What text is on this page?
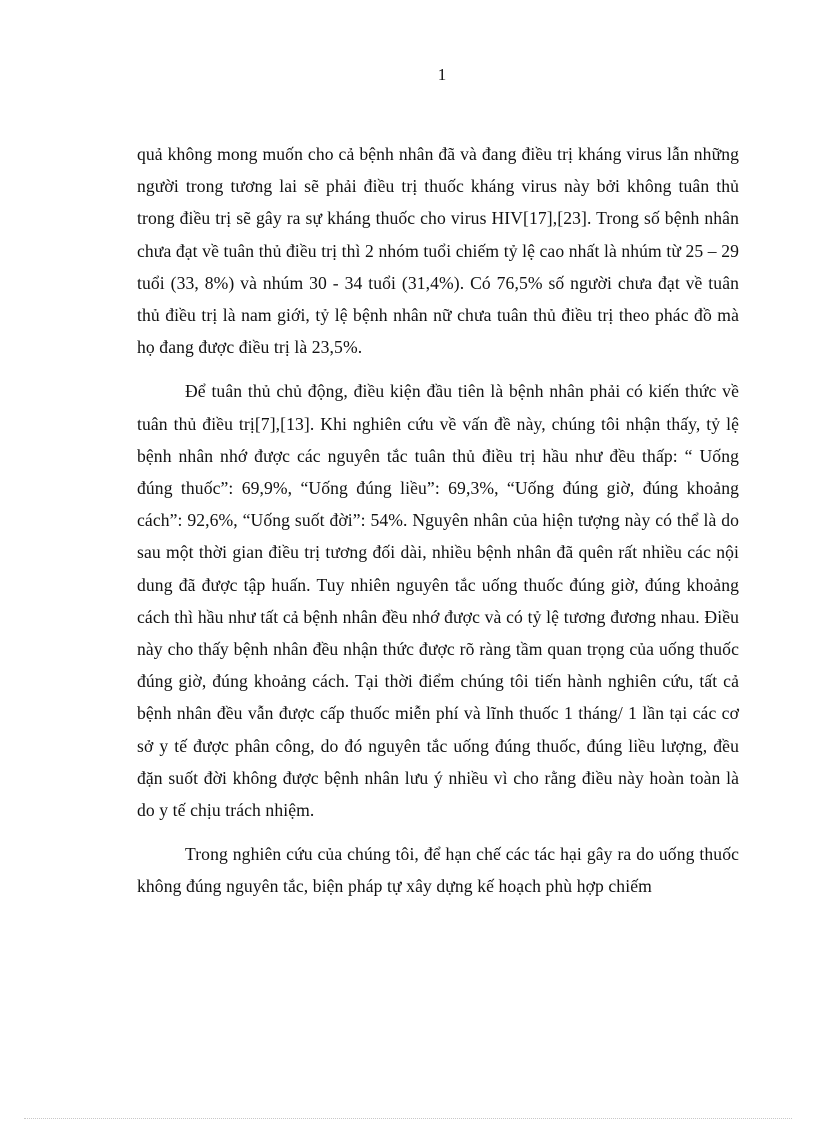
1

quả không mong muốn cho cả bệnh nhân đã và đang điều trị kháng virus lẫn những người trong tương lai sẽ phải điều trị thuốc kháng virus này bởi không tuân thủ trong điều trị sẽ gây ra sự kháng thuốc cho virus HIV[17],[23]. Trong số bệnh nhân chưa đạt về tuân thủ điều trị thì 2 nhóm tuổi chiếm tỷ lệ cao nhất là nhúm từ 25 – 29 tuổi (33, 8%) và nhúm 30 - 34 tuổi (31,4%). Có 76,5% số người chưa đạt về tuân thủ điều trị là nam giới, tỷ lệ bệnh nhân nữ chưa tuân thủ điều trị theo phác đồ mà họ đang được điều trị là 23,5%.

Để tuân thủ chủ động, điều kiện đầu tiên là bệnh nhân phải có kiến thức về tuân thủ điều trị[7],[13]. Khi nghiên cứu về vấn đề này, chúng tôi nhận thấy, tỷ lệ bệnh nhân nhớ được các nguyên tắc tuân thủ điều trị hầu như đều thấp: “ Uống đúng thuốc”: 69,9%, “Uống đúng liều”: 69,3%, “Uống đúng giờ, đúng khoảng cách”: 92,6%, “Uống suốt đời”: 54%. Nguyên nhân của hiện tượng này có thể là do sau một thời gian điều trị tương đối dài, nhiều bệnh nhân đã quên rất nhiều các nội dung đã được tập huấn. Tuy nhiên nguyên tắc uống thuốc đúng giờ, đúng khoảng cách thì hầu như tất cả bệnh nhân đều nhớ được và có tỷ lệ tương đương nhau. Điều này cho thấy bệnh nhân đều nhận thức được rõ ràng tầm quan trọng của uống thuốc đúng giờ, đúng khoảng cách. Tại thời điểm chúng tôi tiến hành nghiên cứu, tất cả bệnh nhân đều vẫn được cấp thuốc miễn phí và lĩnh thuốc 1 tháng/ 1 lần tại các cơ sở y tế được phân công, do đó nguyên tắc uống đúng thuốc, đúng liều lượng, đều đặn suốt đời không được bệnh nhân lưu ý nhiều vì cho rằng điều này hoàn toàn là do y tế chịu trách nhiệm.

Trong nghiên cứu của chúng tôi, để hạn chế các tác hại gây ra do uống thuốc không đúng nguyên tắc, biện pháp tự xây dựng kế hoạch phù hợp chiếm
